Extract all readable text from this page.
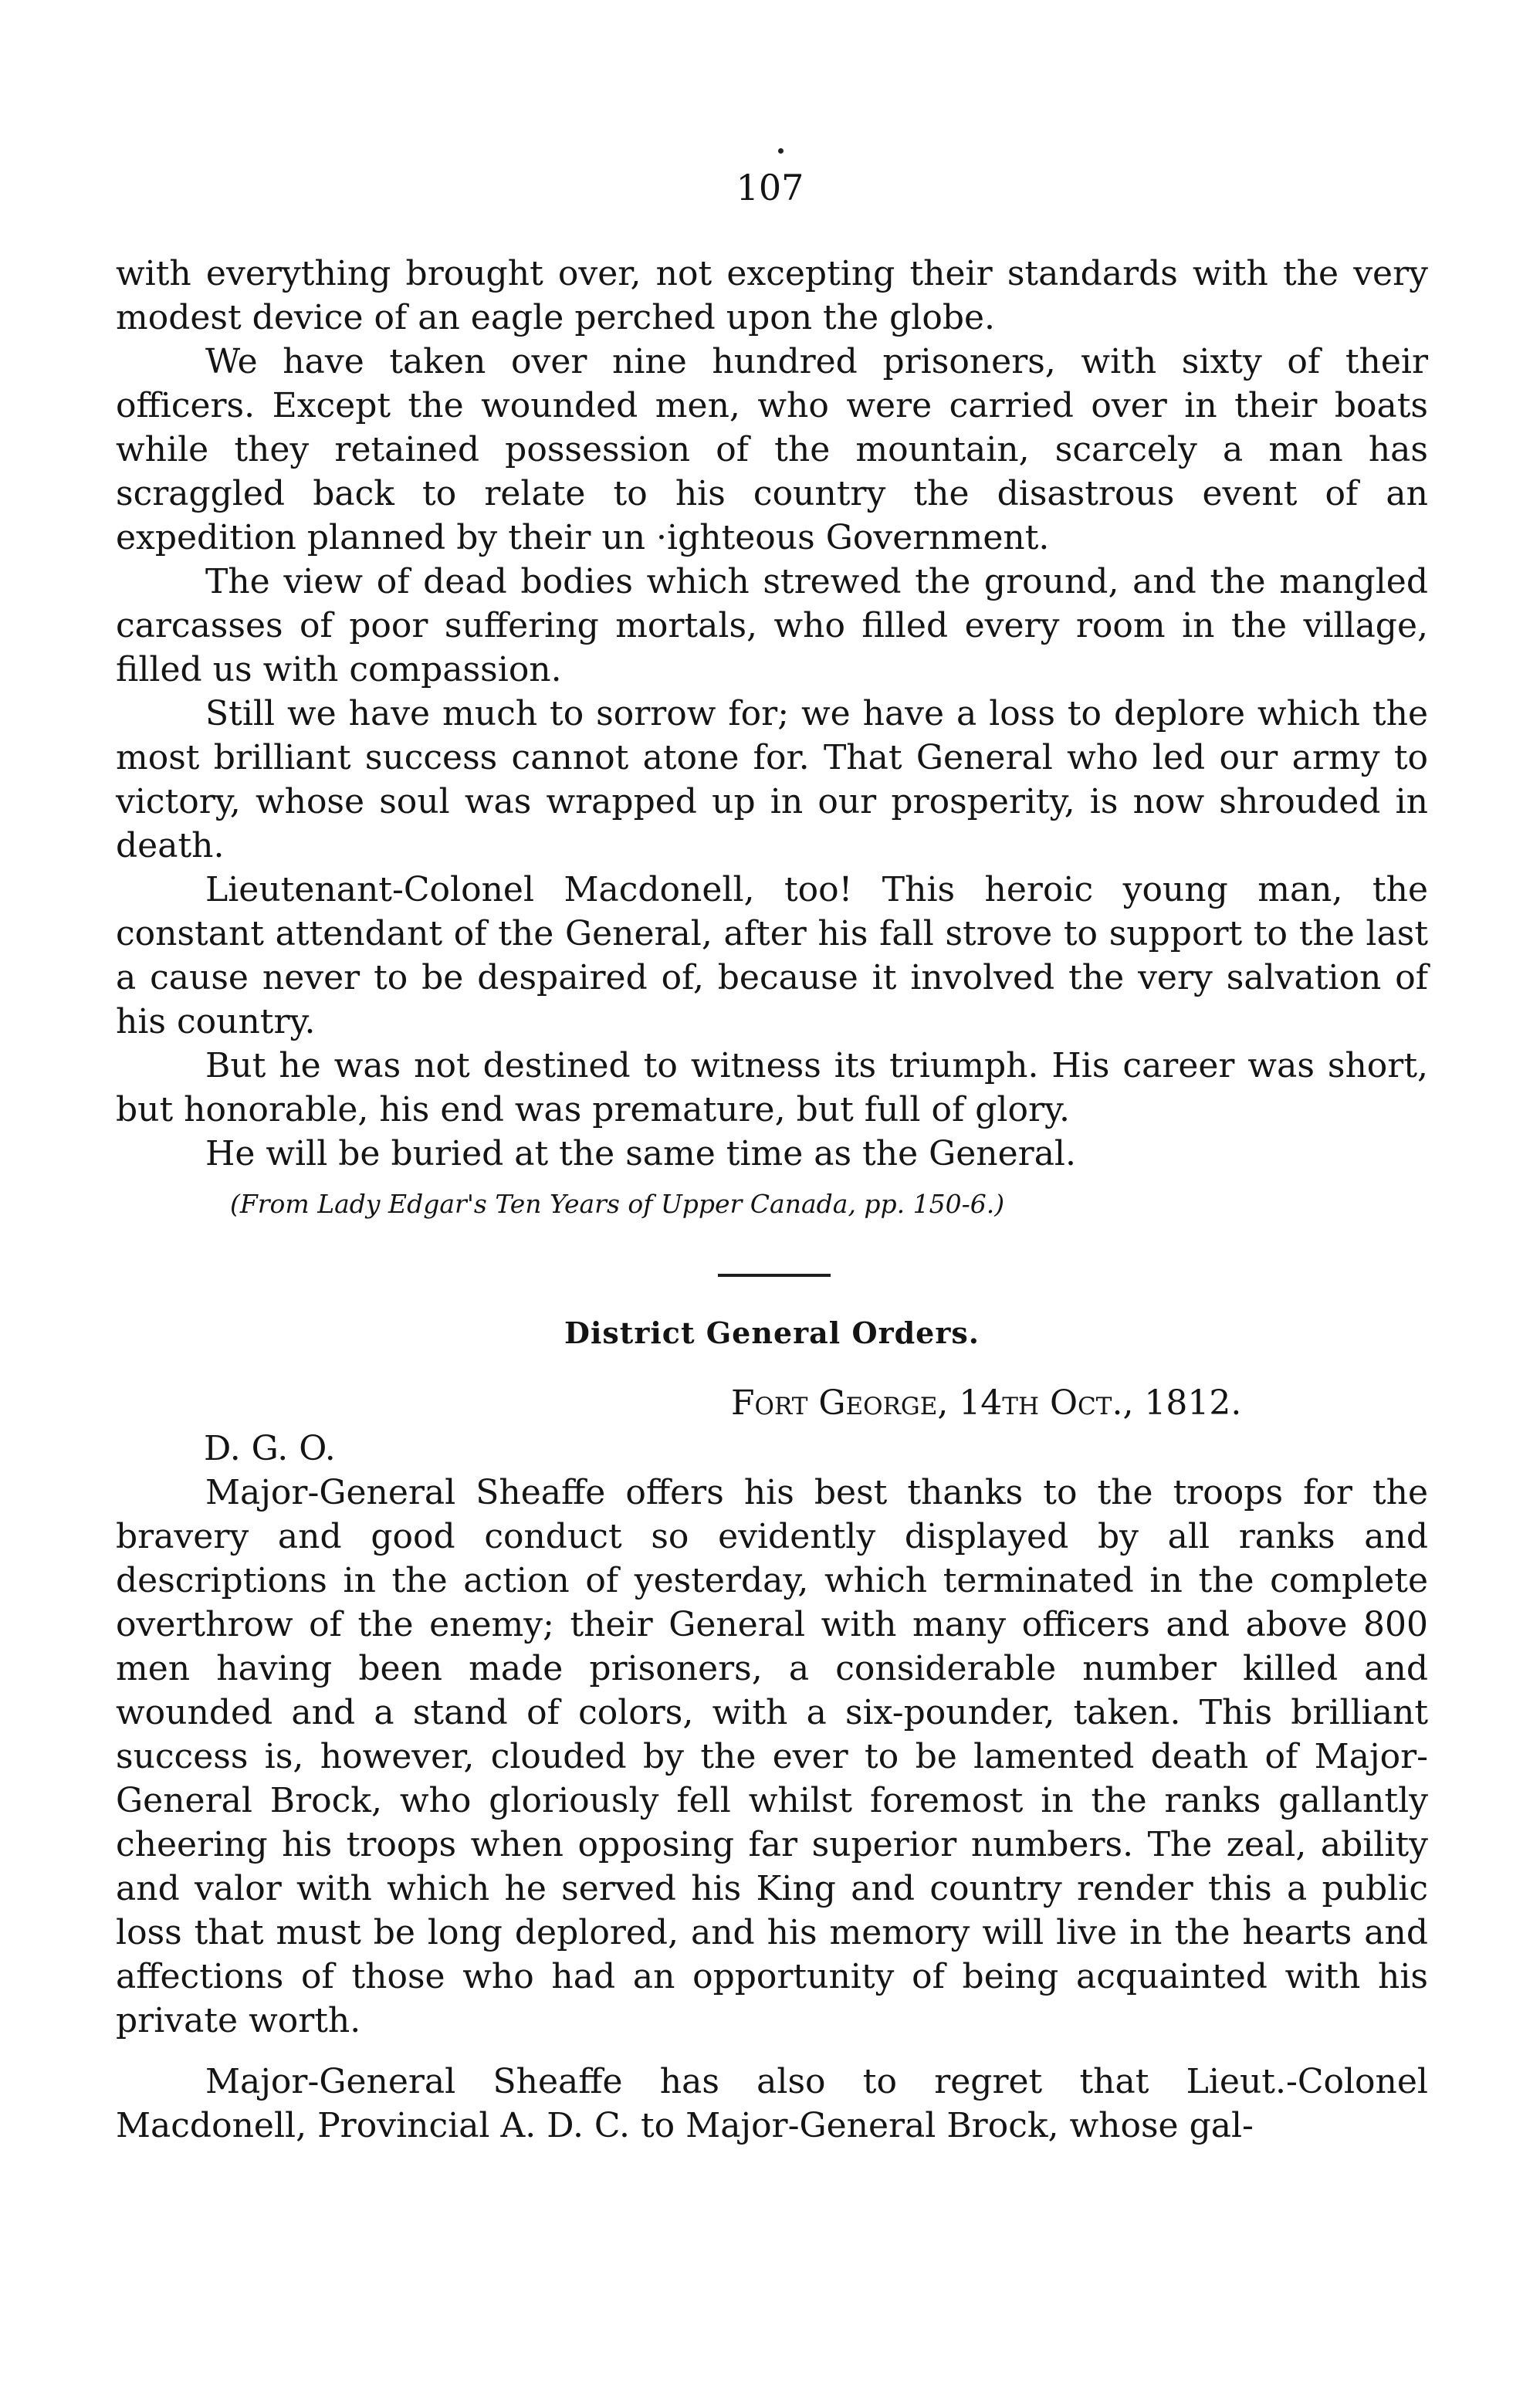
107

with everything brought over, not excepting their standards with the very modest device of an eagle perched upon the globe.

We have taken over nine hundred prisoners, with sixty of their officers. Except the wounded men, who were carried over in their boats while they retained possession of the mountain, scarcely a man has scraggled back to relate to his country the disastrous event of an expedition planned by their un ·ighteous Government.

The view of dead bodies which strewed the ground, and the mangled carcasses of poor suffering mortals, who filled every room in the village, filled us with compassion.

Still we have much to sorrow for; we have a loss to deplore which the most brilliant success cannot atone for. That General who led our army to victory, whose soul was wrapped up in our prosperity, is now shrouded in death.

Lieutenant-Colonel Macdonell, too! This heroic young man, the constant attendant of the General, after his fall strove to support to the last a cause never to be despaired of, because it involved the very salvation of his country.

But he was not destined to witness its triumph. His career was short, but honorable, his end was premature, but full of glory.

He will be buried at the same time as the General.

(From Lady Edgar's Ten Years of Upper Canada, pp. 150-6.)

District General Orders.
Fort George, 14th Oct., 1812.
D. G. O.

Major-General Sheaffe offers his best thanks to the troops for the bravery and good conduct so evidently displayed by all ranks and descriptions in the action of yesterday, which terminated in the complete overthrow of the enemy; their General with many officers and above 800 men having been made prisoners, a considerable number killed and wounded and a stand of colors, with a six-pounder, taken. This brilliant success is, however, clouded by the ever to be lamented death of Major-General Brock, who gloriously fell whilst foremost in the ranks gallantly cheering his troops when opposing far superior numbers. The zeal, ability and valor with which he served his King and country render this a public loss that must be long deplored, and his memory will live in the hearts and affections of those who had an opportunity of being acquainted with his private worth.

Major-General Sheaffe has also to regret that Lieut.-Colonel Macdonell, Provincial A. D. C. to Major-General Brock, whose gal-
